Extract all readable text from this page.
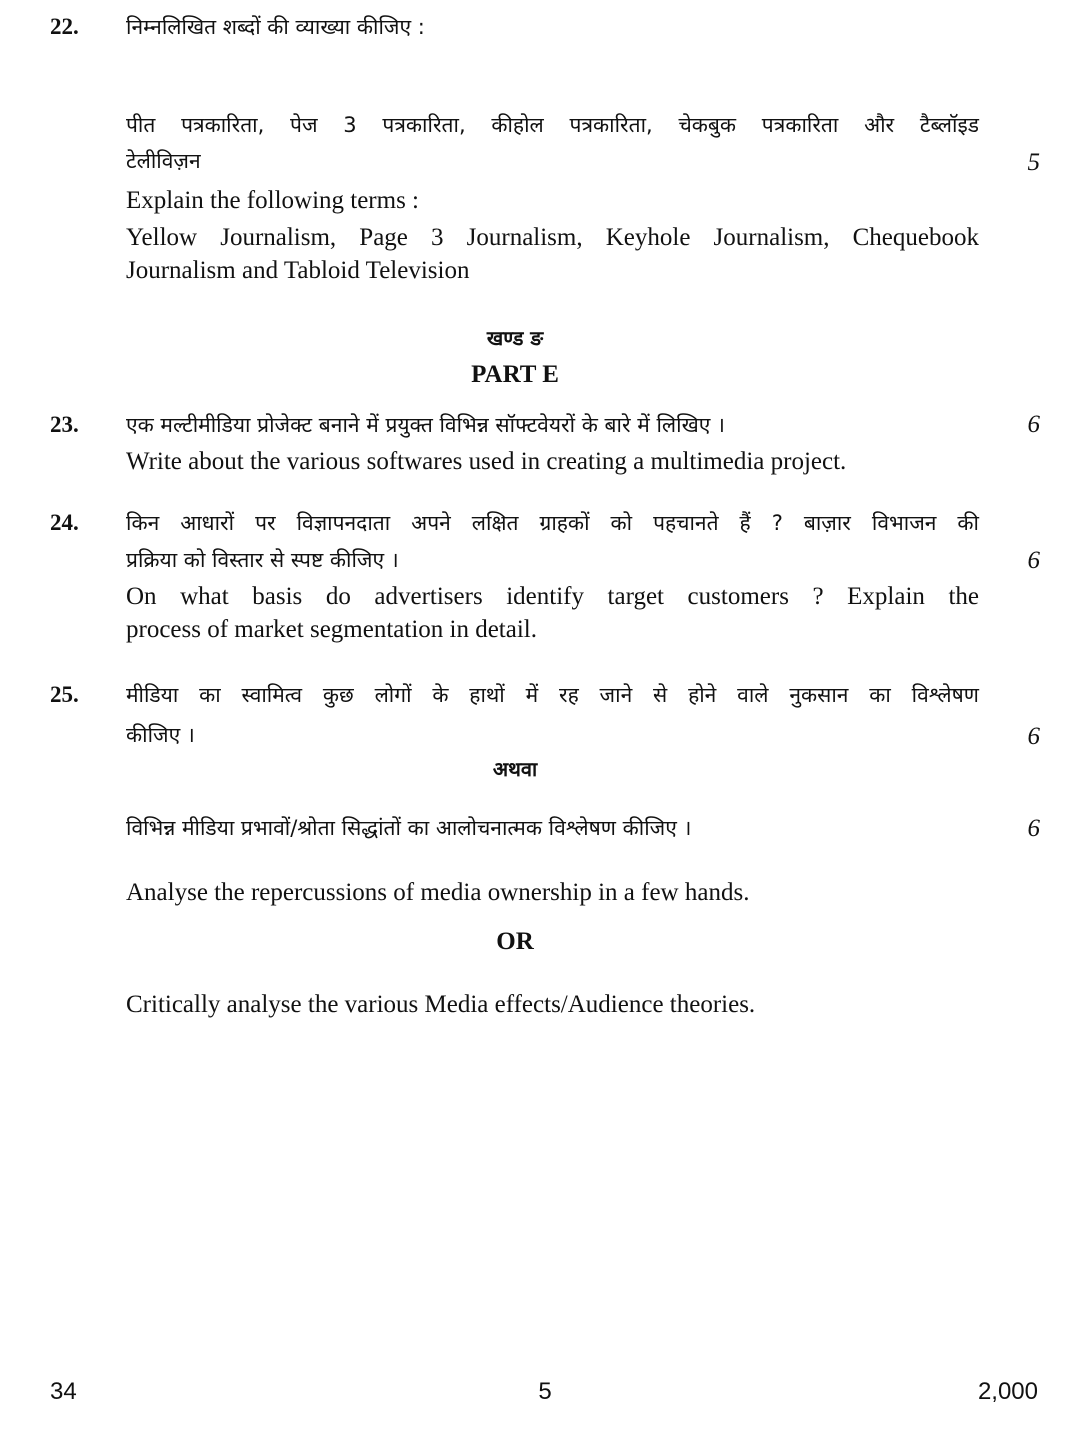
22. निम्नलिखित शब्दों की व्याख्या कीजिए :
पीत पत्रकारिता, पेज 3 पत्रकारिता, कीहोल पत्रकारिता, चेकबुक पत्रकारिता और टैब्लॉइड
टेलीविज़न	5
Explain the following terms :
Yellow Journalism, Page 3 Journalism, Keyhole Journalism, Chequebook
Journalism and Tabloid Television
खण्ड ङ
PART E
23. एक मल्टीमीडिया प्रोजेक्ट बनाने में प्रयुक्त विभिन्न सॉफ्टवेयरों के बारे में लिखिए ।	6
Write about the various softwares used in creating a multimedia project.
24. किन आधारों पर विज्ञापनदाता अपने लक्षित ग्राहकों को पहचानते हैं ? बाज़ार विभाजन की
प्रक्रिया को विस्तार से स्पष्ट कीजिए ।	6
On what basis do advertisers identify target customers ? Explain the
process of market segmentation in detail.
25. मीडिया का स्वामित्व कुछ लोगों के हाथों में रह जाने से होने वाले नुकसान का विश्लेषण
कीजिए ।	6
अथवा
विभिन्न मीडिया प्रभावों/श्रोता सिद्धांतों का आलोचनात्मक विश्लेषण कीजिए ।	6
Analyse the repercussions of media ownership in a few hands.
OR
Critically analyse the various Media effects/Audience theories.
34	5	2,000
